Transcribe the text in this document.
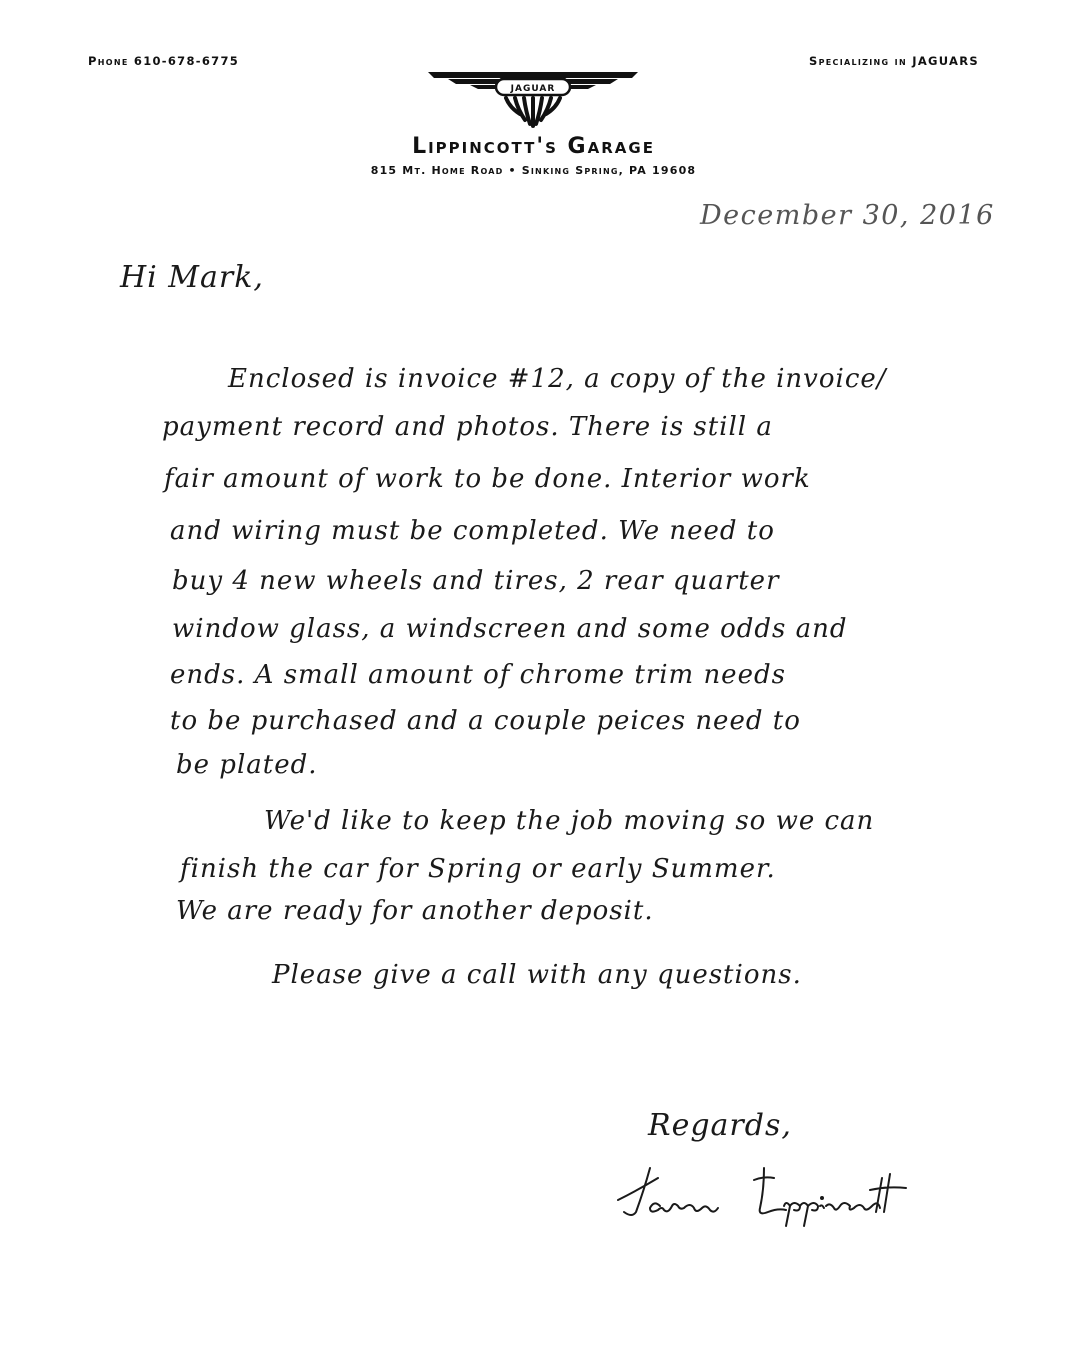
Phone 610-678-6775	Specializing in JAGUARS
JAGUAR
Lippincott's Garage
815 Mt. Home Road • Sinking Spring, PA 19608
December 30, 2016
Hi Mark,
Enclosed is invoice #12, a copy of the invoice/
payment record and photos. There is still a
fair amount of work to be done. Interior work
and wiring must be completed. We need to
buy 4 new wheels and tires, 2 rear quarter
window glass, a windscreen and some odds and
ends. A small amount of chrome trim needs
to be purchased and a couple peices need to
be plated.
We'd like to keep the job moving so we can
finish the car for Spring or early Summer.
We are ready for another deposit.
Please give a call with any questions.
Regards,
